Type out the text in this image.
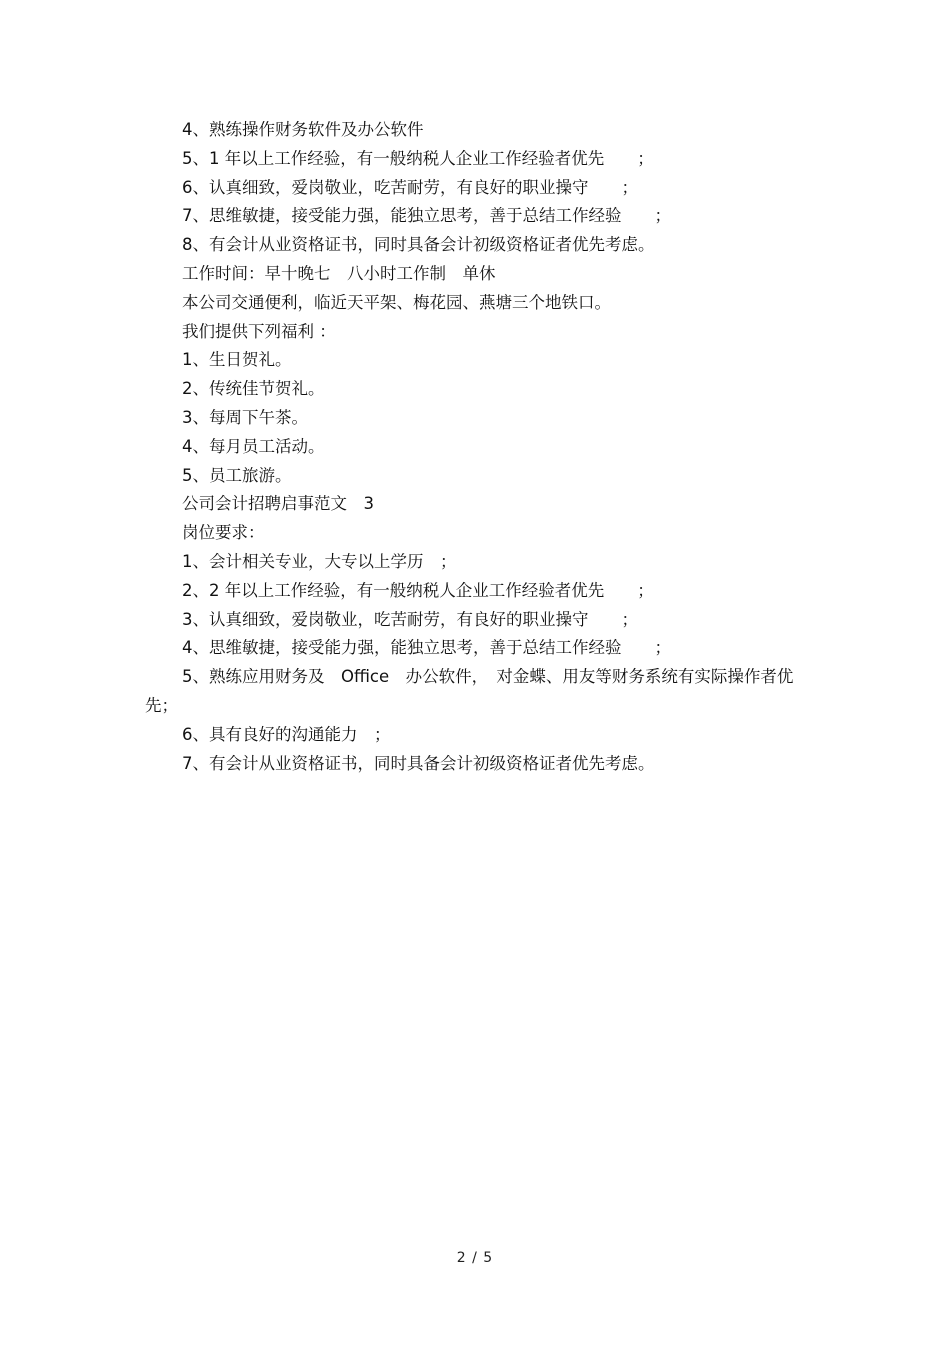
4、熟练操作财务软件及办公软件

5、1 年以上工作经验，有一般纳税人企业工作经验者优先　　；

6、认真细致，爱岗敬业，吃苦耐劳，有良好的职业操守　　；

7、思维敏捷，接受能力强，能独立思考，善于总结工作经验　　；

8、有会计从业资格证书，同时具备会计初级资格证者优先考虑。

工作时间：早十晚七　八小时工作制　单休

本公司交通便利，临近天平架、梅花园、燕塘三个地铁口。

我们提供下列福利 ：

1、生日贺礼。

2、传统佳节贺礼。

3、每周下午茶。

4、每月员工活动。

5、员工旅游。

公司会计招聘启事范文　3

岗位要求：

1、会计相关专业，大专以上学历　；

2、2 年以上工作经验，有一般纳税人企业工作经验者优先　　；

3、认真细致，爱岗敬业，吃苦耐劳，有良好的职业操守　　；

4、思维敏捷，接受能力强，能独立思考，善于总结工作经验　　；

5、熟练应用财务及　Office　办公软件，　对金蝶、用友等财务系统有实际操作者优先；

6、具有良好的沟通能力　；

7、有会计从业资格证书，同时具备会计初级资格证者优先考虑。

2 / 5
